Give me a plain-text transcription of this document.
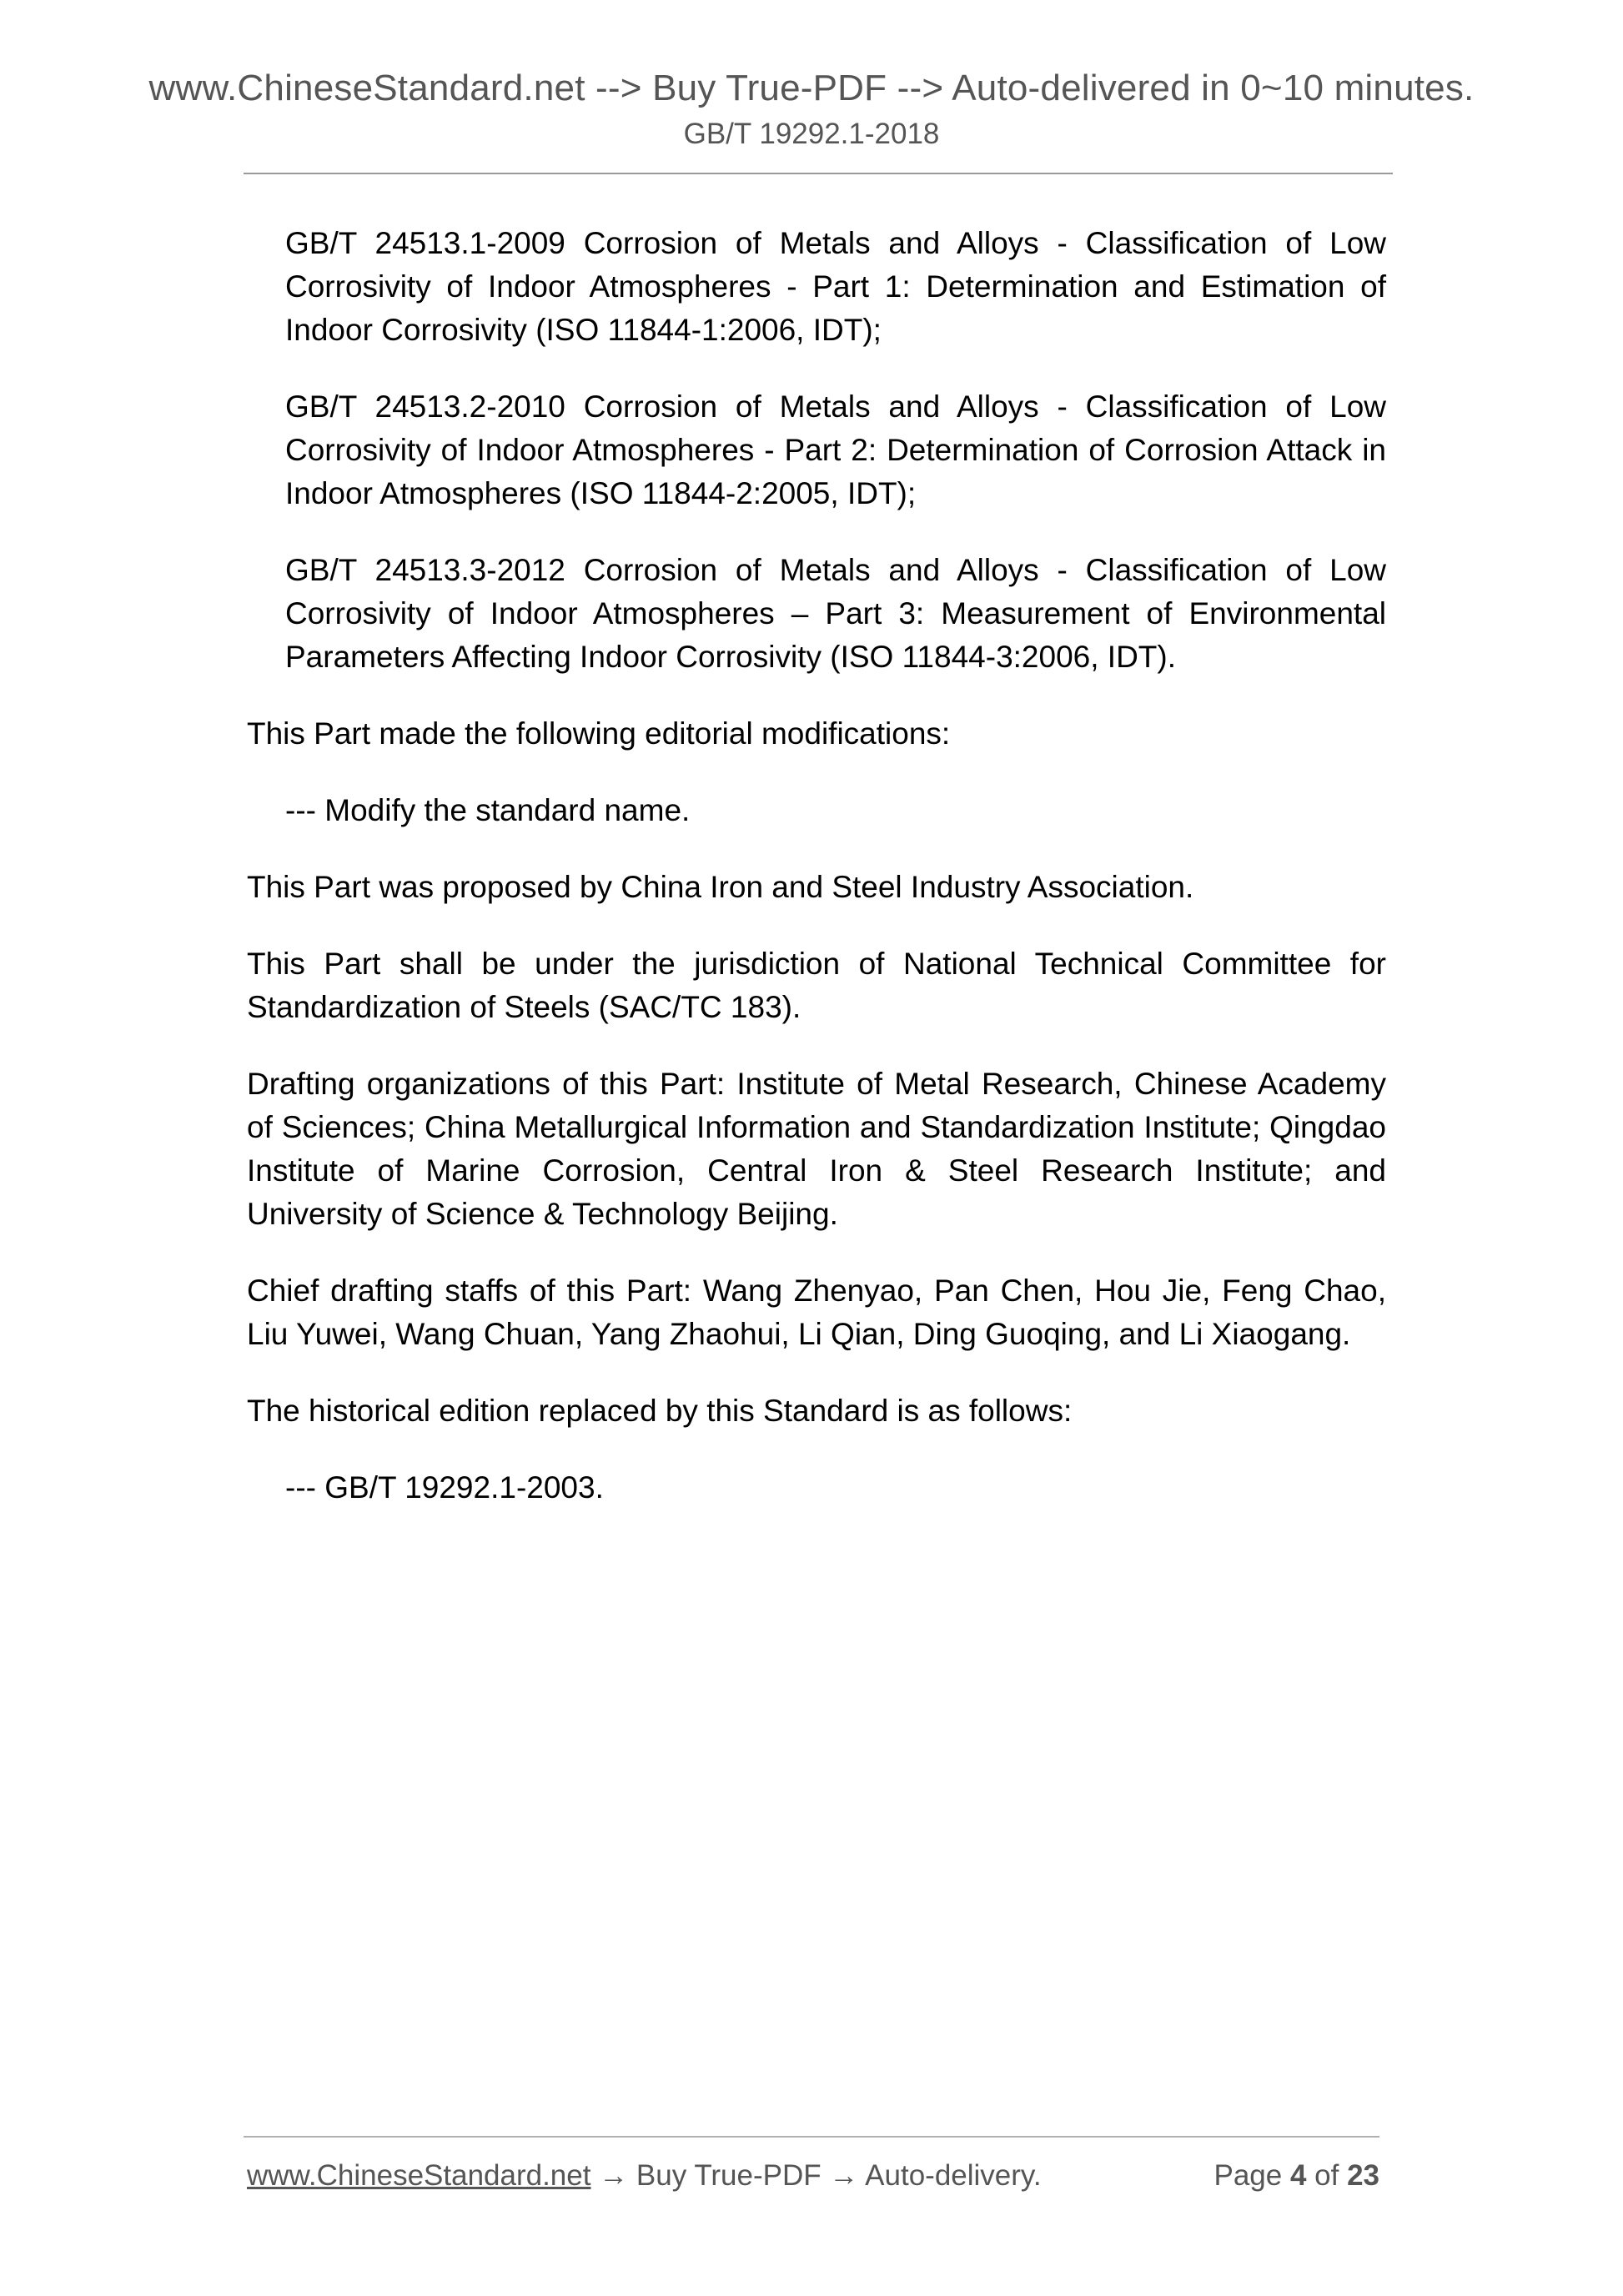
www.ChineseStandard.net --> Buy True-PDF --> Auto-delivered in 0~10 minutes.
GB/T 19292.1-2018

GB/T 24513.1-2009 Corrosion of Metals and Alloys - Classification of Low Corrosivity of Indoor Atmospheres - Part 1: Determination and Estimation of Indoor Corrosivity (ISO 11844-1:2006, IDT);

GB/T 24513.2-2010 Corrosion of Metals and Alloys - Classification of Low Corrosivity of Indoor Atmospheres - Part 2: Determination of Corrosion Attack in Indoor Atmospheres (ISO 11844-2:2005, IDT);

GB/T 24513.3-2012 Corrosion of Metals and Alloys - Classification of Low Corrosivity of Indoor Atmospheres – Part 3: Measurement of Environmental Parameters Affecting Indoor Corrosivity (ISO 11844-3:2006, IDT).

This Part made the following editorial modifications:

--- Modify the standard name.

This Part was proposed by China Iron and Steel Industry Association.

This Part shall be under the jurisdiction of National Technical Committee for Standardization of Steels (SAC/TC 183).

Drafting organizations of this Part: Institute of Metal Research, Chinese Academy of Sciences; China Metallurgical Information and Standardization Institute; Qingdao Institute of Marine Corrosion, Central Iron & Steel Research Institute; and University of Science & Technology Beijing.

Chief drafting staffs of this Part: Wang Zhenyao, Pan Chen, Hou Jie, Feng Chao, Liu Yuwei, Wang Chuan, Yang Zhaohui, Li Qian, Ding Guoqing, and Li Xiaogang.

The historical edition replaced by this Standard is as follows:

--- GB/T 19292.1-2003.

www.ChineseStandard.net → Buy True-PDF → Auto-delivery.	Page 4 of 23
